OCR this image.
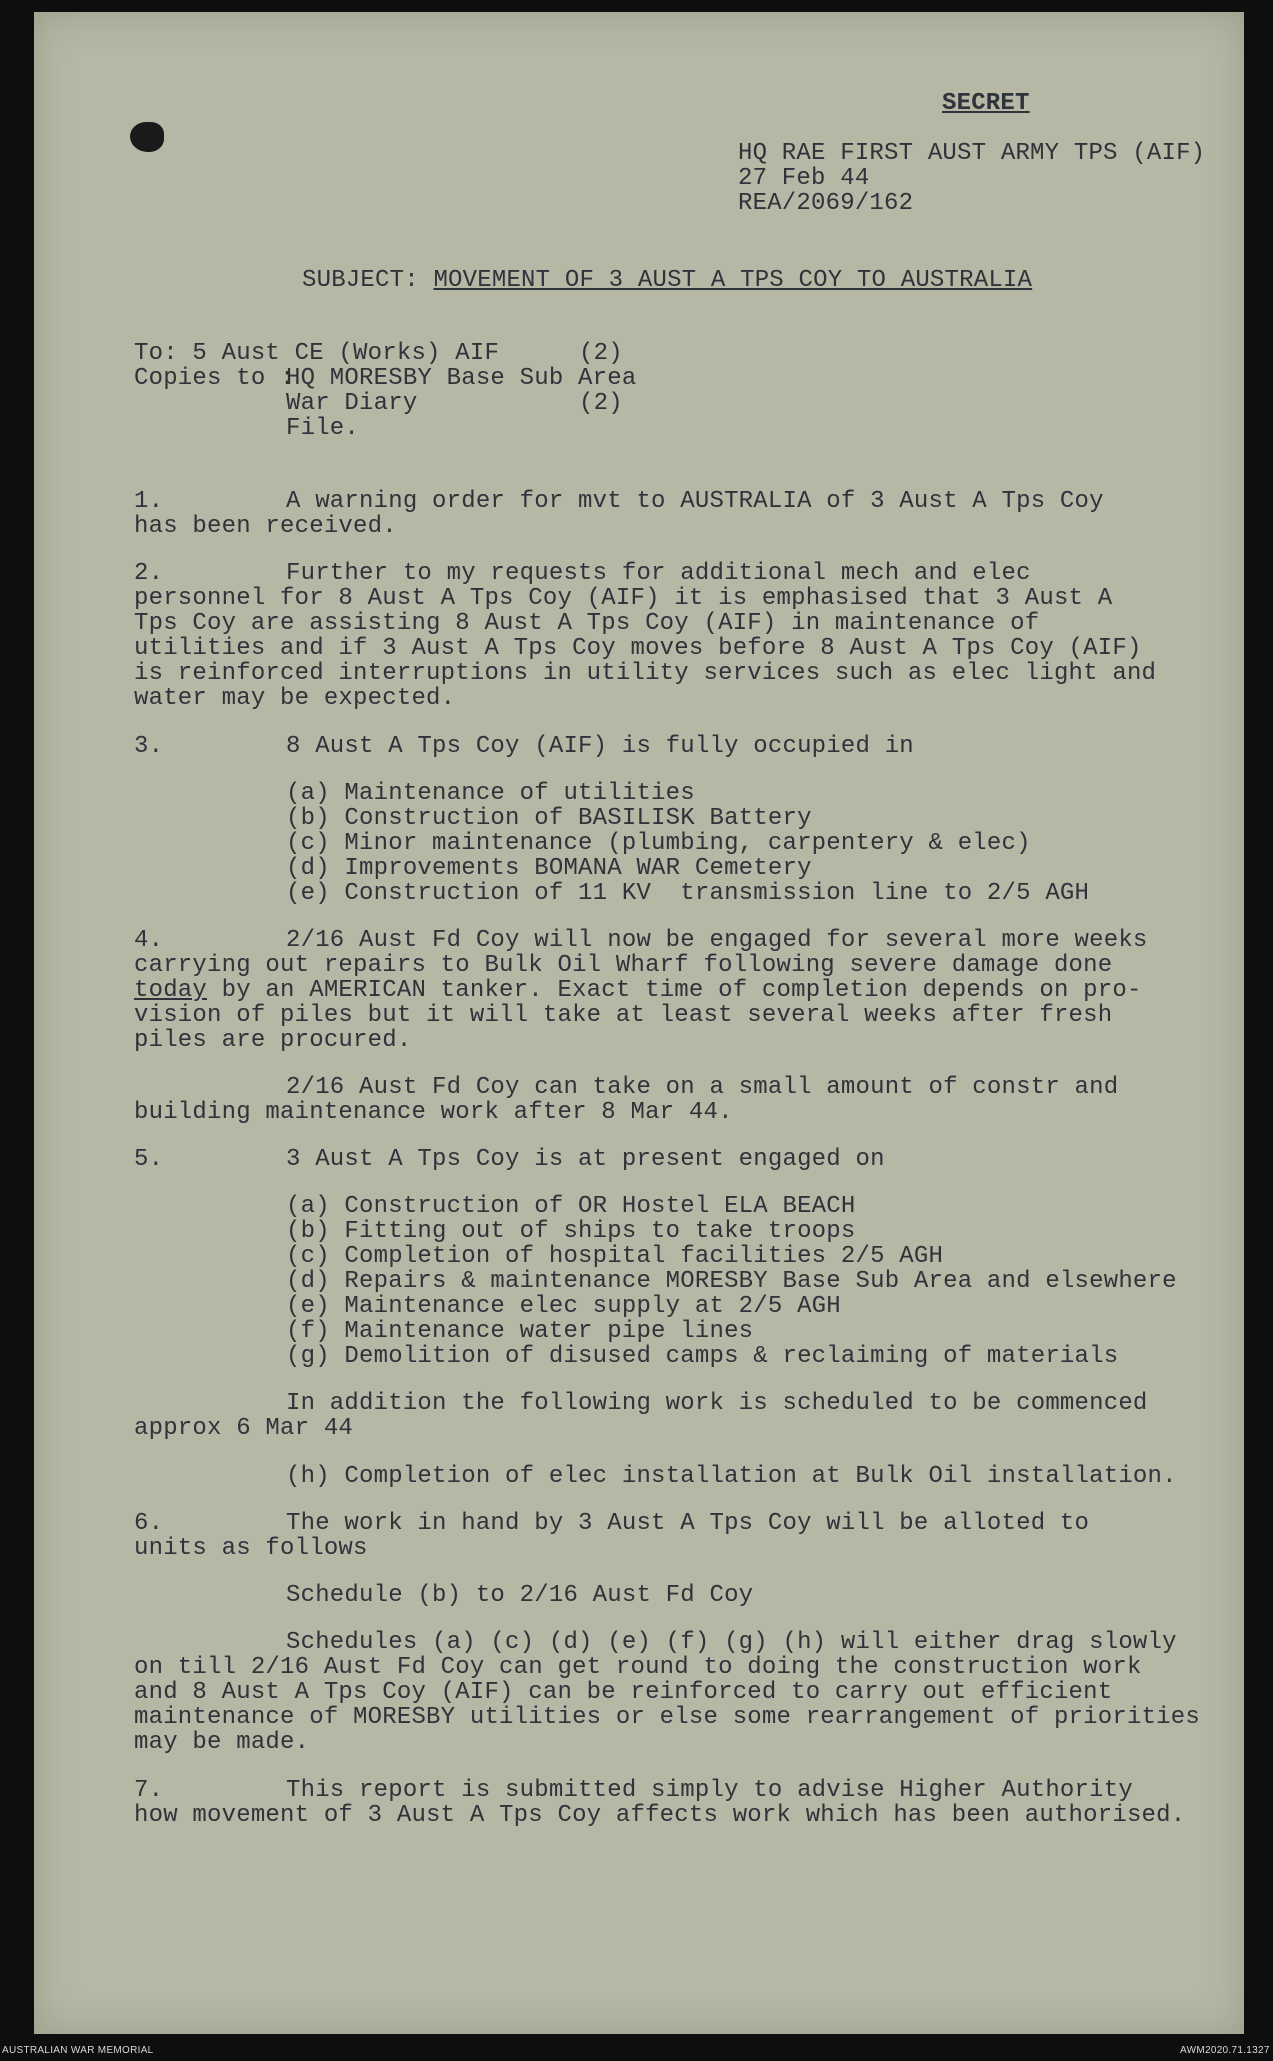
SECRET
HQ RAE FIRST AUST ARMY TPS (AIF)
27 Feb 44
REA/2069/162
SUBJECT: MOVEMENT OF 3 AUST A TPS COY TO AUSTRALIA
To: 5 Aust CE (Works) AIF	(2)
Copies to :
HQ MORESBY Base Sub Area
War Diary	(2)
File.
1.	A warning order for mvt to AUSTRALIA of 3 Aust A Tps Coy
has been received.
2.	Further to my requests for additional mech and elec
personnel for 8 Aust A Tps Coy (AIF) it is emphasised that 3 Aust A
Tps Coy are assisting 8 Aust A Tps Coy (AIF) in maintenance of
utilities and if 3 Aust A Tps Coy moves before 8 Aust A Tps Coy (AIF)
is reinforced interruptions in utility services such as elec light and
water may be expected.
3.	8 Aust A Tps Coy (AIF) is fully occupied in
(a) Maintenance of utilities
(b) Construction of BASILISK Battery
(c) Minor maintenance (plumbing, carpentery & elec)
(d) Improvements BOMANA WAR Cemetery
(e) Construction of 11 KV  transmission line to 2/5 AGH
4.	2/16 Aust Fd Coy will now be engaged for several more weeks
carrying out repairs to Bulk Oil Wharf following severe damage done
today by an AMERICAN tanker. Exact time of completion depends on pro-
vision of piles but it will take at least several weeks after fresh
piles are procured.
2/16 Aust Fd Coy can take on a small amount of constr and
building maintenance work after 8 Mar 44.
5.	3 Aust A Tps Coy is at present engaged on
(a) Construction of OR Hostel ELA BEACH
(b) Fitting out of ships to take troops
(c) Completion of hospital facilities 2/5 AGH
(d) Repairs & maintenance MORESBY Base Sub Area and elsewhere
(e) Maintenance elec supply at 2/5 AGH
(f) Maintenance water pipe lines
(g) Demolition of disused camps & reclaiming of materials
In addition the following work is scheduled to be commenced
approx 6 Mar 44
(h) Completion of elec installation at Bulk Oil installation.
6.	The work in hand by 3 Aust A Tps Coy will be alloted to
units as follows
Schedule (b) to 2/16 Aust Fd Coy
Schedules (a) (c) (d) (e) (f) (g) (h) will either drag slowly
on till 2/16 Aust Fd Coy can get round to doing the construction work
and 8 Aust A Tps Coy (AIF) can be reinforced to carry out efficient
maintenance of MORESBY utilities or else some rearrangement of priorities
may be made.
7.	This report is submitted simply to advise Higher Authority
how movement of 3 Aust A Tps Coy affects work which has been authorised.
AUSTRALIAN WAR MEMORIAL	AWM2020.71.1327
